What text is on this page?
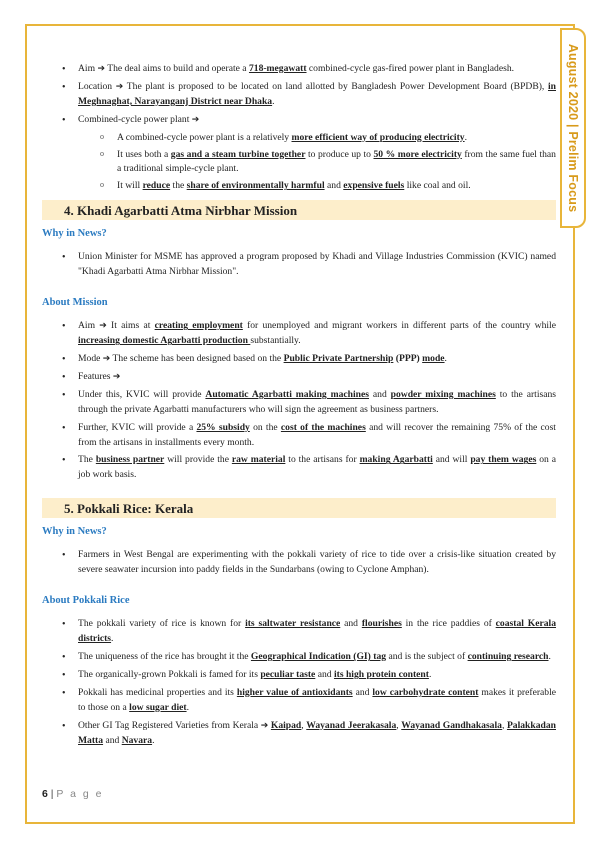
August 2020 | Prelim Focus
• Aim ➔ The deal aims to build and operate a 718-megawatt combined-cycle gas-fired power plant in Bangladesh.
• Location ➔ The plant is proposed to be located on land allotted by Bangladesh Power Development Board (BPDB), in Meghnaghat, Narayanganj District near Dhaka.
• Combined-cycle power plant ➔
o A combined-cycle power plant is a relatively more efficient way of producing electricity.
o It uses both a gas and a steam turbine together to produce up to 50 % more electricity from the same fuel than a traditional simple-cycle plant.
o It will reduce the share of environmentally harmful and expensive fuels like coal and oil.
4. Khadi Agarbatti Atma Nirbhar Mission
Why in News?
• Union Minister for MSME has approved a program proposed by Khadi and Village Industries Commission (KVIC) named "Khadi Agarbatti Atma Nirbhar Mission".
About Mission
• Aim ➔ It aims at creating employment for unemployed and migrant workers in different parts of the country while increasing domestic Agarbatti production substantially.
• Mode ➔ The scheme has been designed based on the Public Private Partnership (PPP) mode.
• Features ➔
• Under this, KVIC will provide Automatic Agarbatti making machines and powder mixing machines to the artisans through the private Agarbatti manufacturers who will sign the agreement as business partners.
• Further, KVIC will provide a 25% subsidy on the cost of the machines and will recover the remaining 75% of the cost from the artisans in installments every month.
• The business partner will provide the raw material to the artisans for making Agarbatti and will pay them wages on a job work basis.
5. Pokkali Rice: Kerala
Why in News?
• Farmers in West Bengal are experimenting with the pokkali variety of rice to tide over a crisis-like situation created by severe seawater incursion into paddy fields in the Sundarbans (owing to Cyclone Amphan).
About Pokkali Rice
• The pokkali variety of rice is known for its saltwater resistance and flourishes in the rice paddies of coastal Kerala districts.
• The uniqueness of the rice has brought it the Geographical Indication (GI) tag and is the subject of continuing research.
• The organically-grown Pokkali is famed for its peculiar taste and its high protein content.
• Pokkali has medicinal properties and its higher value of antioxidants and low carbohydrate content makes it preferable to those on a low sugar diet.
• Other GI Tag Registered Varieties from Kerala ➔ Kaipad, Wayanad Jeerakasala, Wayanad Gandhakasala, Palakkadan Matta and Navara.
6 | P a g e
